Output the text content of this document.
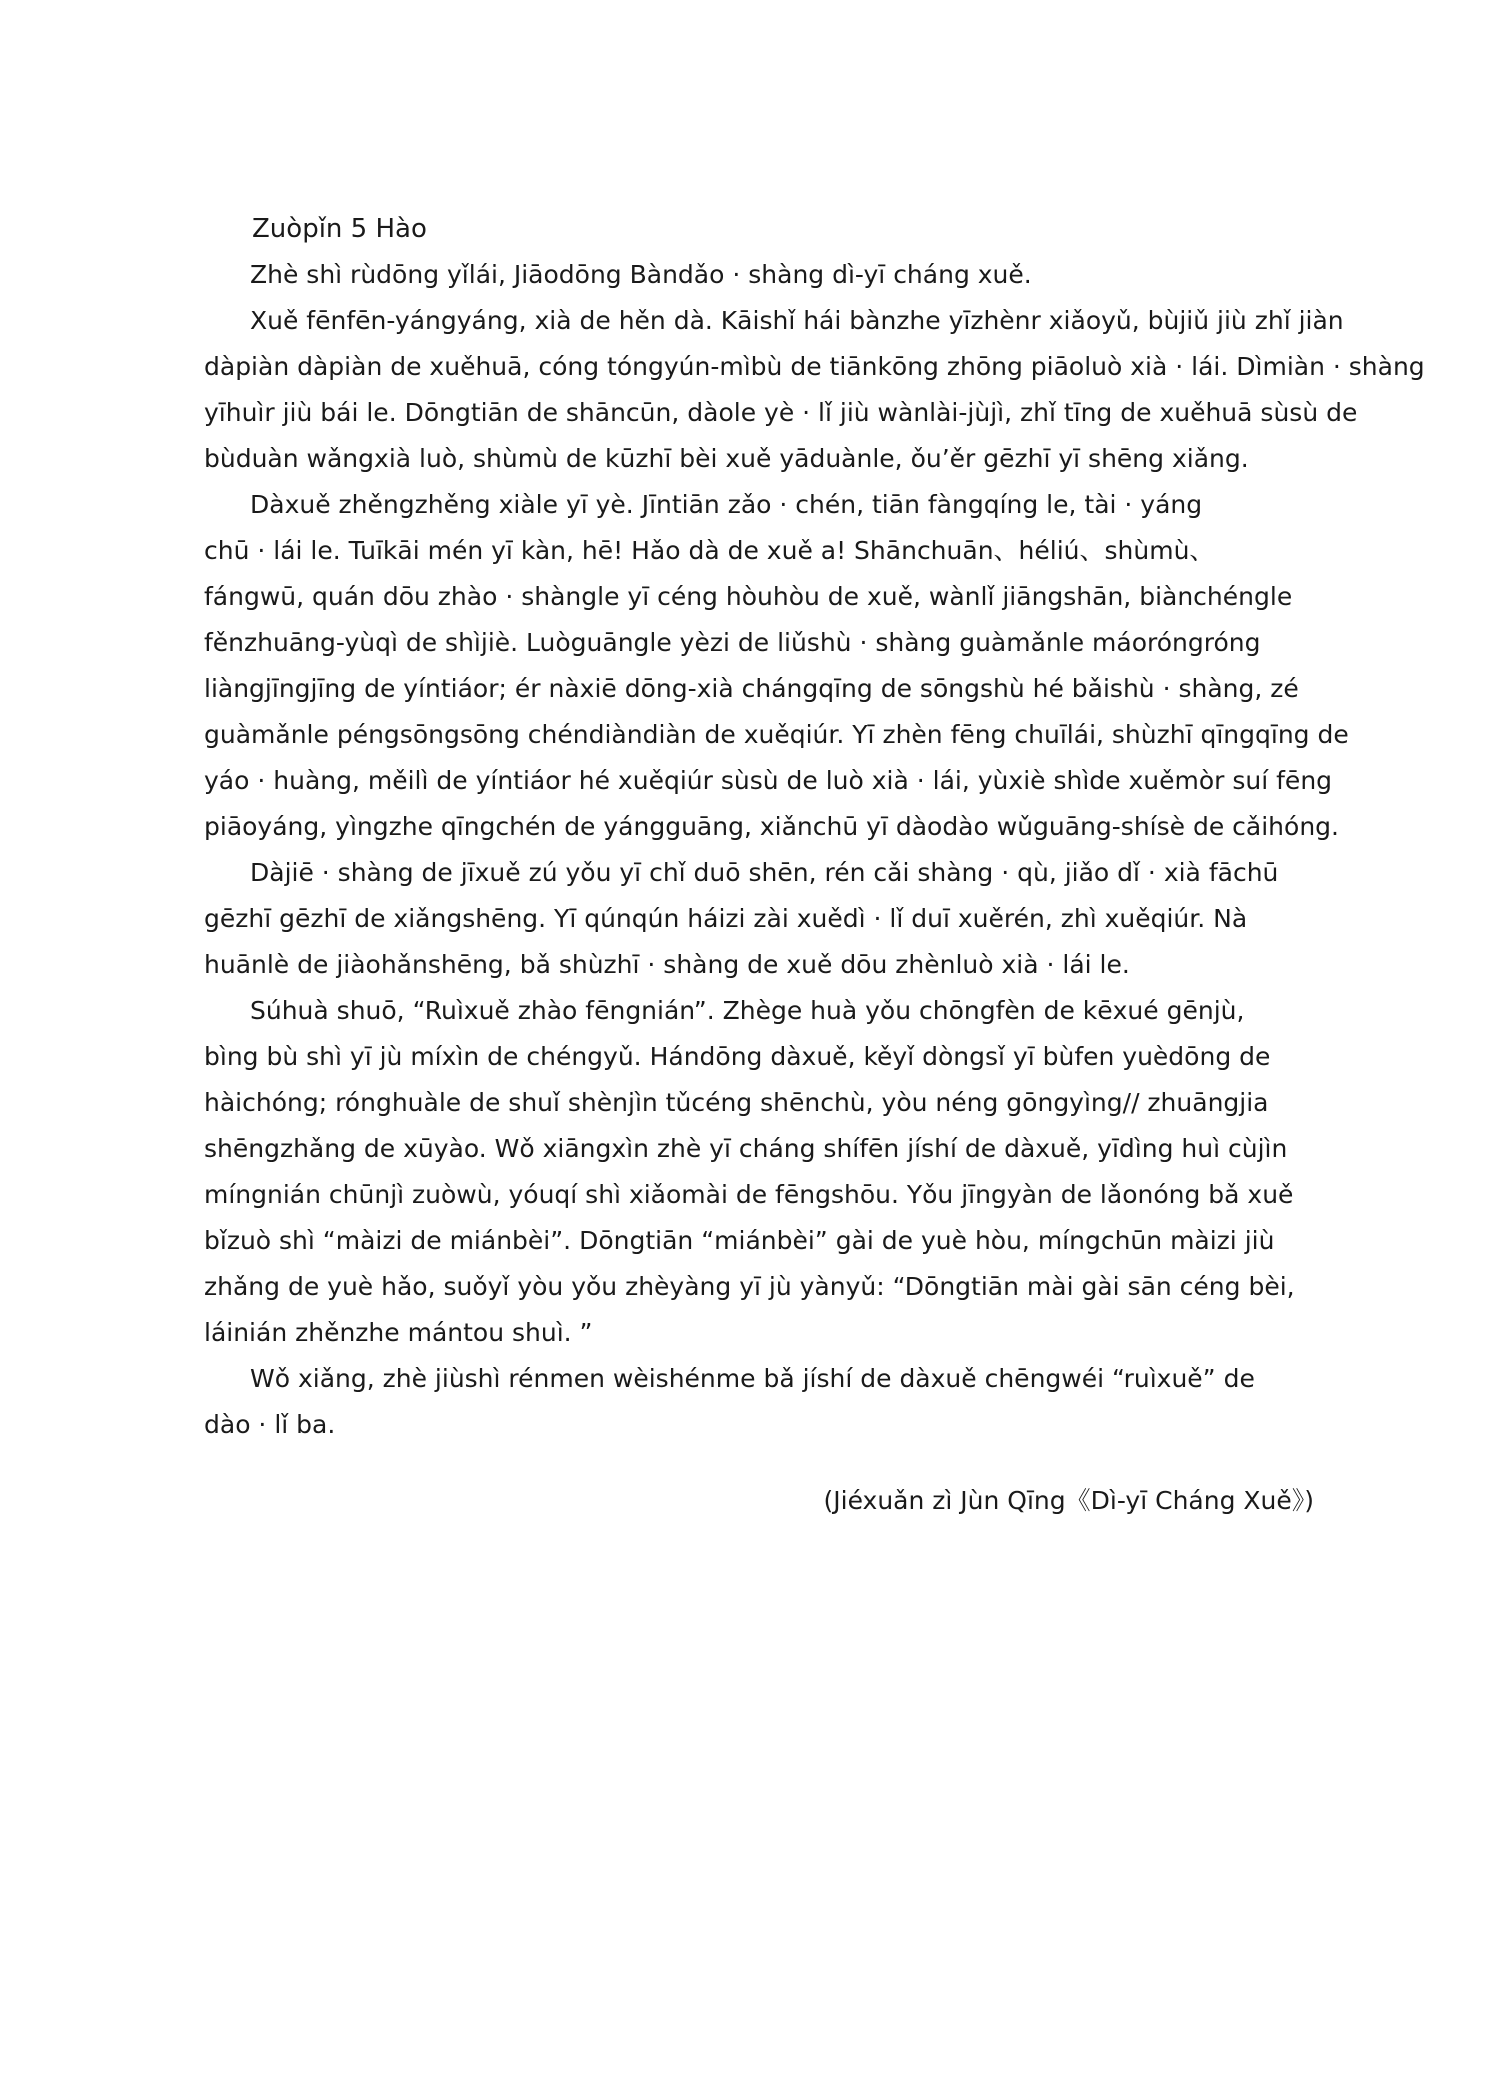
Zuòpǐn 5 Hào
Zhè shì rùdōng yǐlái, Jiāodōng Bàndǎo · shàng dì-yī cháng xuě.
Xuě fēnfēn-yángyáng, xià de hěn dà. Kāishǐ hái bànzhe yīzhènr xiǎoyǔ, bùjiǔ jiù zhǐ jiàn
dàpiàn dàpiàn de xuěhuā, cóng tóngyún-mìbù de tiānkōng zhōng piāoluò xià · lái. Dìmiàn · shàng
yīhuìr jiù bái le. Dōngtiān de shāncūn, dàole yè · lǐ jiù wànlài-jùjì, zhǐ tīng de xuěhuā sùsù de
bùduàn wǎngxià luò, shùmù de kūzhī bèi xuě yāduànle, ǒu’ěr gēzhī yī shēng xiǎng.
Dàxuě zhěngzhěng xiàle yī yè. Jīntiān zǎo · chén, tiān fàngqíng le, tài · yáng
chū · lái le. Tuīkāi mén yī kàn, hē! Hǎo dà de xuě a! Shānchuān、héliú、shùmù、
fángwū, quán dōu zhào · shàngle yī céng hòuhòu de xuě, wànlǐ jiāngshān, biànchéngle
fěnzhuāng-yùqì de shìjiè. Luòguāngle yèzi de liǔshù · shàng guàmǎnle máoróngróng
liàngjīngjīng de yíntiáor; ér nàxiē dōng-xià chángqīng de sōngshù hé bǎishù · shàng, zé
guàmǎnle péngsōngsōng chéndiàndiàn de xuěqiúr. Yī zhèn fēng chuīlái, shùzhī qīngqīng de
yáo · huàng, měilì de yíntiáor hé xuěqiúr sùsù de luò xià · lái, yùxiè shìde xuěmòr suí fēng
piāoyáng, yìngzhe qīngchén de yángguāng, xiǎnchū yī dàodào wǔguāng-shísè de cǎihóng.
Dàjiē · shàng de jīxuě zú yǒu yī chǐ duō shēn, rén cǎi shàng · qù, jiǎo dǐ · xià fāchū
gēzhī gēzhī de xiǎngshēng. Yī qúnqún háizi zài xuědì · lǐ duī xuěrén, zhì xuěqiúr. Nà
huānlè de jiàohǎnshēng, bǎ shùzhī · shàng de xuě dōu zhènluò xià · lái le.
Súhuà shuō, “Ruìxuě zhào fēngnián”. Zhège huà yǒu chōngfèn de kēxué gēnjù,
bìng bù shì yī jù míxìn de chéngyǔ. Hándōng dàxuě, kěyǐ dòngsǐ yī bùfen yuèdōng de
hàichóng; rónghuàle de shuǐ shènjìn tǔcéng shēnchù, yòu néng gōngyìng// zhuāngjia
shēngzhǎng de xūyào. Wǒ xiāngxìn zhè yī cháng shífēn jíshí de dàxuě, yīdìng huì cùjìn
míngnián chūnjì zuòwù, yóuqí shì xiǎomài de fēngshōu. Yǒu jīngyàn de lǎonóng bǎ xuě
bǐzuò shì “màizi de miánbèi”. Dōngtiān “miánbèi” gài de yuè hòu, míngchūn màizi jiù
zhǎng de yuè hǎo, suǒyǐ yòu yǒu zhèyàng yī jù yànyǔ: “Dōngtiān mài gài sān céng bèi,
láinián zhěnzhe mántou shuì. ”
Wǒ xiǎng, zhè jiùshì rénmen wèishénme bǎ jíshí de dàxuě chēngwéi “ruìxuě” de
dào · lǐ ba.
(Jiéxuǎn zì Jùn Qīng《Dì-yī Cháng Xuě》)
